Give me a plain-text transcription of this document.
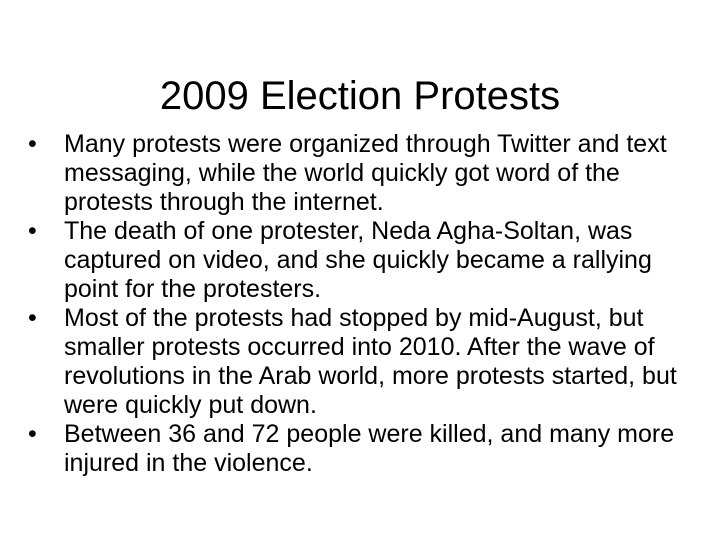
2009 Election Protests
•	Many protests were organized through Twitter and text messaging, while the world quickly got word of the protests through the internet.
•	The death of one protester, Neda Agha-Soltan, was captured on video, and she quickly became a rallying point for the protesters.
•	Most of the protests had stopped by mid-August, but smaller protests occurred into 2010. After the wave of revolutions in the Arab world, more protests started, but were quickly put down.
•	Between 36 and 72 people were killed, and many more injured in the violence.
